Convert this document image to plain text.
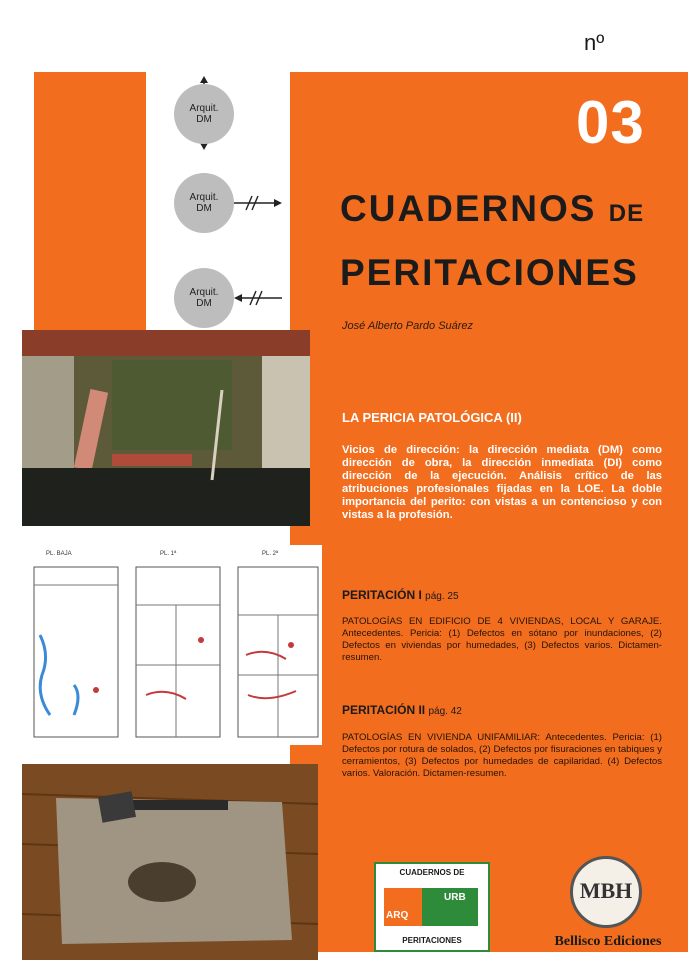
nº
Arquit.
DM
Arquit.
DM
Arquit.
DM
03
CUADERNOS DE
PERITACIONES
José Alberto Pardo Suárez
LA PERICIA PATOLÓGICA (II)
Vicios de dirección: la dirección mediata (DM) como dirección de obra, la dirección inmediata (DI) como dirección de la ejecución. Análisis crítico de las atribuciones profesionales fijadas en la LOE. La doble importancia del perito: con vistas a un contencioso y con vistas a la profesión.
PERITACIÓN I pág. 25
PATOLOGÍAS EN EDIFICIO DE 4 VIVIENDAS, LOCAL Y GARAJE. Antecedentes. Pericia: (1) Defectos en sótano por inundaciones, (2) Defectos en viviendas por humedades, (3) Defectos varios. Dictamen-resumen.
PERITACIÓN II pág. 42
PATOLOGÍAS EN VIVIENDA UNIFAMILIAR: Antecedentes. Pericia: (1) Defectos por rotura de solados, (2) Defectos por fisuraciones en tabiques y cerramientos, (3) Defectos por humedades de capilaridad. (4) Defectos varios. Valoración. Dictamen-resumen.
PL. BAJA	PL. 1ª	PL. 2ª
CUADERNOS DE
ARQ
URB
PERITACIONES
MBH
Bellisco Ediciones
